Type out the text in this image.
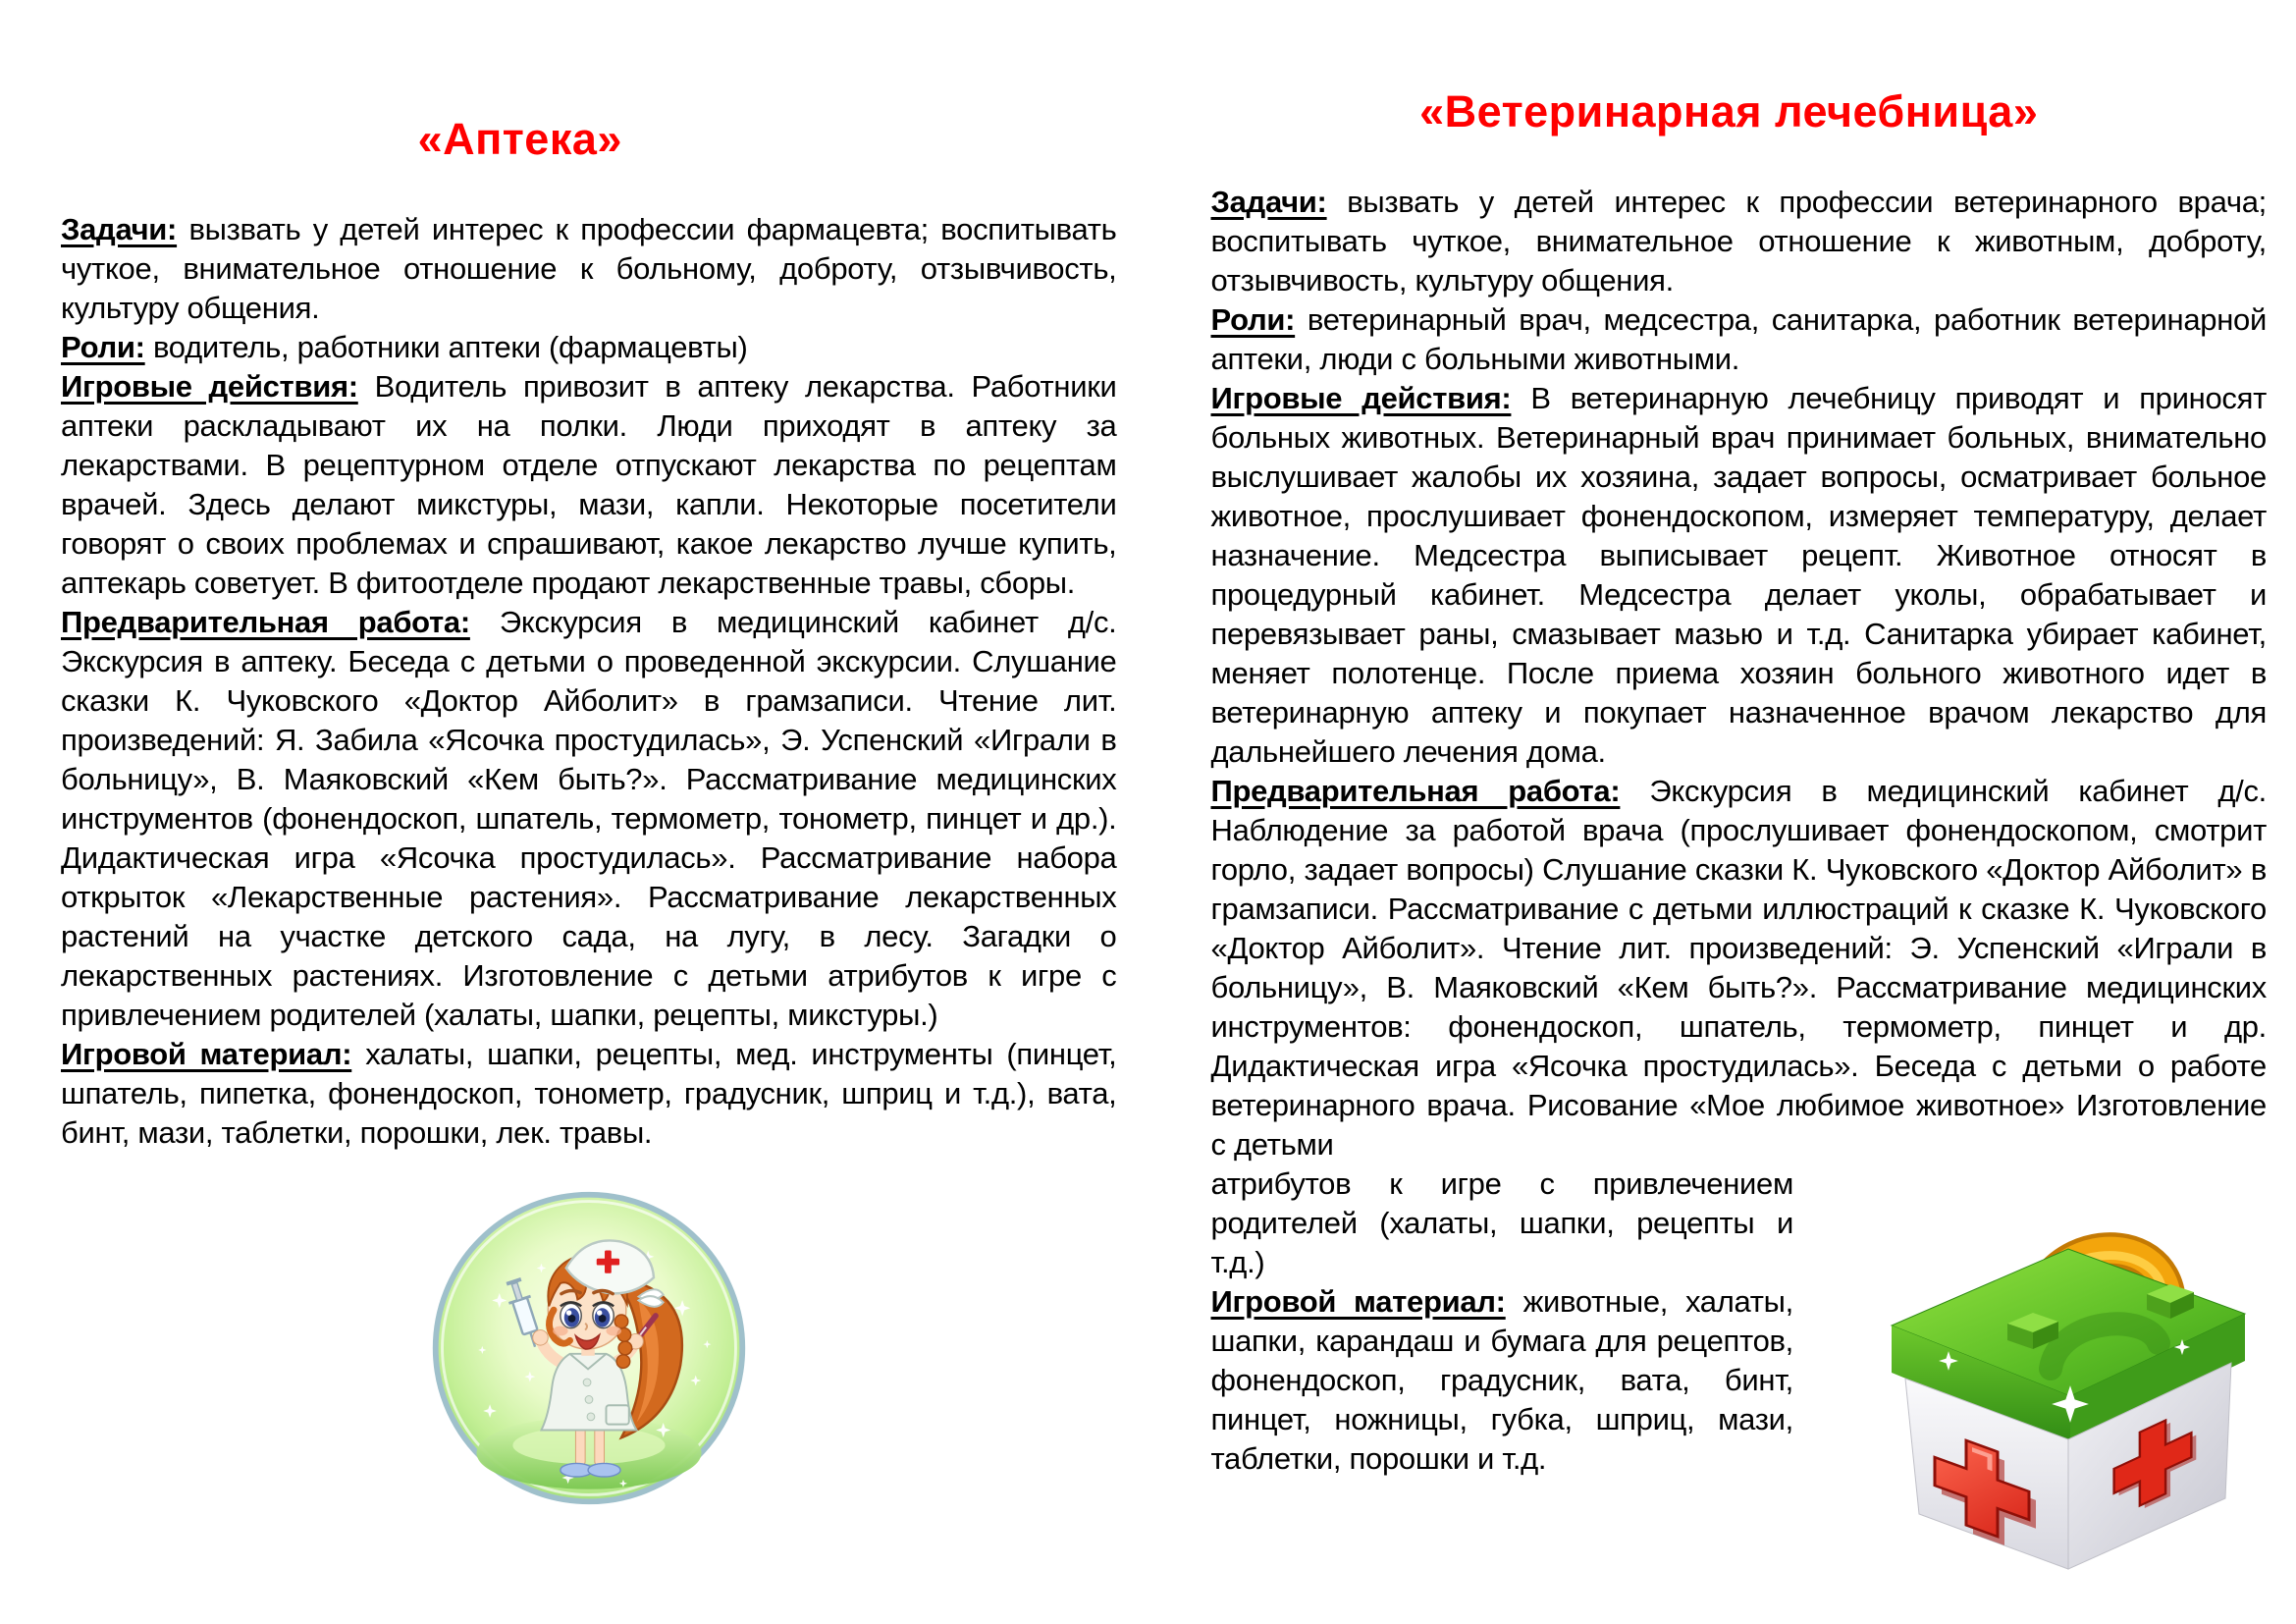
«Аптека»

Задачи: вызвать у детей интерес к профессии фармацевта; воспитывать чуткое, внимательное отношение к больному, доброту, отзывчивость, культуру общения.

Роли: водитель, работники аптеки (фармацевты)

Игровые действия: Водитель привозит в аптеку лекарства. Работники аптеки раскладывают их на полки. Люди приходят в аптеку за лекарствами. В рецептурном отделе отпускают лекарства по рецептам врачей. Здесь делают микстуры, мази, капли. Некоторые посетители говорят о своих проблемах и спрашивают, какое лекарство лучше купить, аптекарь советует. В фитоотделе продают лекарственные травы, сборы.

Предварительная работа: Экскурсия в медицинский кабинет д/с. Экскурсия в аптеку. Беседа с детьми о проведенной экскурсии. Слушание сказки К. Чуковского «Доктор Айболит» в грамзаписи. Чтение лит. произведений: Я. Забила «Ясочка простудилась», Э. Успенский «Играли в больницу», В. Маяковский «Кем быть?». Рассматривание медицинских инструментов (фонендоскоп, шпатель, термометр, тонометр, пинцет и др.). Дидактическая игра «Ясочка простудилась». Рассматривание набора открыток «Лекарственные растения». Рассматривание лекарственных растений на участке детского сада, на лугу, в лесу. Загадки о лекарственных растениях. Изготовление с детьми атрибутов к игре с привлечением родителей (халаты, шапки, рецепты, микстуры.)

Игровой материал: халаты, шапки, рецепты, мед. инструменты (пинцет, шпатель, пипетка, фонендоскоп, тонометр, градусник, шприц и т.д.), вата, бинт, мази, таблетки, порошки, лек. травы.

«Ветеринарная лечебница»

Задачи: вызвать у детей интерес к профессии ветеринарного врача; воспитывать чуткое, внимательное отношение к животным, доброту, отзывчивость, культуру общения.

Роли: ветеринарный врач, медсестра, санитарка, работник ветеринарной аптеки, люди с больными животными.

Игровые действия: В ветеринарную лечебницу приводят и приносят больных животных. Ветеринарный врач принимает больных, внимательно выслушивает жалобы их хозяина, задает вопросы, осматривает больное животное, прослушивает фонендоскопом, измеряет температуру, делает назначение. Медсестра выписывает рецепт. Животное относят в процедурный кабинет. Медсестра делает уколы, обрабатывает и перевязывает раны, смазывает мазью и т.д. Санитарка убирает кабинет, меняет полотенце. После приема хозяин больного животного идет в ветеринарную аптеку и покупает назначенное врачом лекарство для дальнейшего лечения дома.

Предварительная работа: Экскурсия в медицинский кабинет д/с. Наблюдение за работой врача (прослушивает фонендоскопом, смотрит горло, задает вопросы) Слушание сказки К. Чуковского «Доктор Айболит» в грамзаписи. Рассматривание с детьми иллюстраций к сказке К. Чуковского «Доктор Айболит». Чтение лит. произведений: Э. Успенский «Играли в больницу», В. Маяковский «Кем быть?». Рассматривание медицинских инструментов: фонендоскоп, шпатель, термометр, пинцет и др. Дидактическая игра «Ясочка простудилась». Беседа с детьми о работе ветеринарного врача. Рисование «Мое любимое животное» Изготовление с детьми

атрибутов к игре с привлечением родителей (халаты, шапки, рецепты и т.д.)

Игровой материал: животные, халаты, шапки, карандаш и бумага для рецептов, фонендоскоп, градусник, вата, бинт, пинцет, ножницы, губка, шприц, мази, таблетки, порошки и т.д.
